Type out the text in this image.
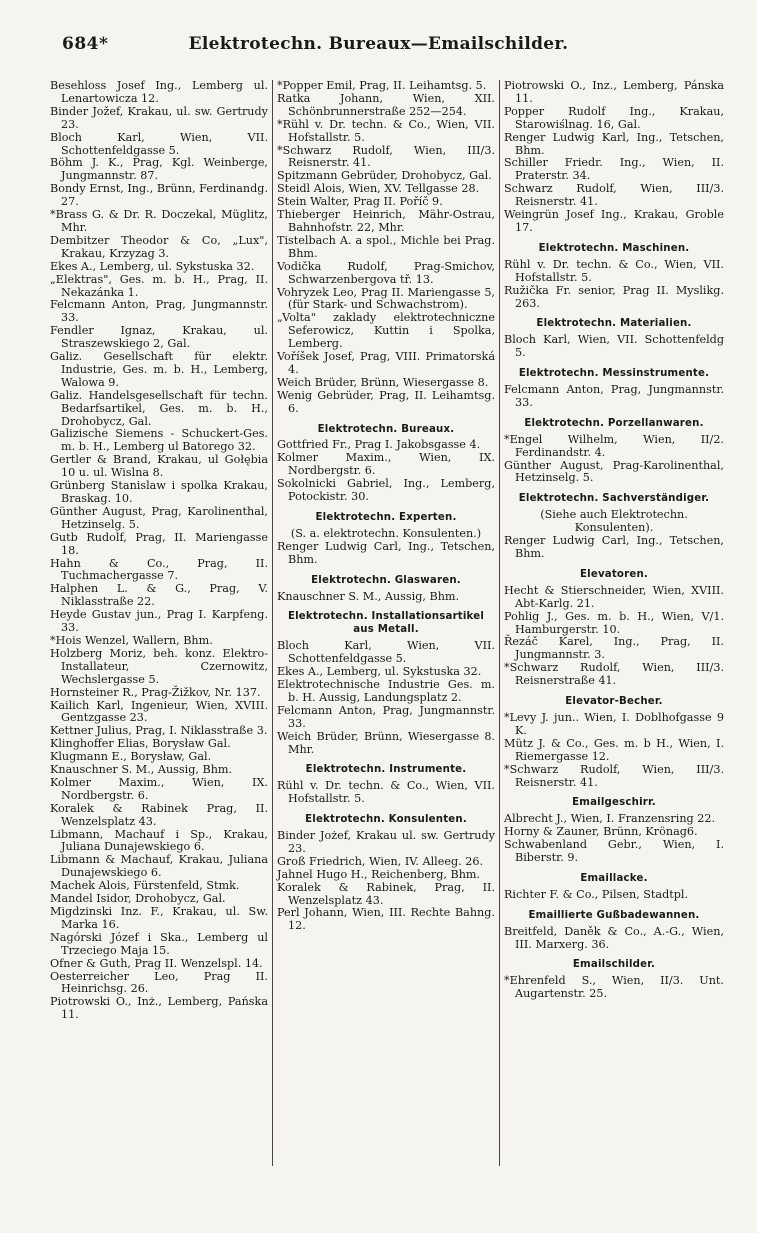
684*	Elektrotechn. Bureaux—Emailschilder.
Besehloss Josef Ing., Lemberg ul. Lenartowicza 12.
Binder Jožef, Krakau, ul. sw. Gertrudy 23.
Bloch Karl, Wien, VII. Schottenfeldgasse 5.
Böhm J. K., Prag, Kgl. Weinberge, Jungmannstr. 87.
Bondy Ernst, Ing., Brünn, Ferdinandg. 27.
*Brass G. & Dr. R. Doczekal, Müglitz, Mhr.
Dembitzer Theodor & Co, „Lux", Krakau, Krzyzag 3.
Ekes A., Lemberg, ul. Sykstuska 32.
„Elektras", Ges. m. b. H., Prag, II. Nekazánka 1.
Felcmann Anton, Prag, Jungmannstr. 33.
Fendler Ignaz, Krakau, ul. Straszewskiego 2, Gal.
Galiz. Gesellschaft für elektr. Industrie, Ges. m. b. H., Lemberg, Walowa 9.
Galiz. Handelsgesellschaft für techn. Bedarfsartikel, Ges. m. b. H., Drohobycz, Gal.
Galizische Siemens - Schuckert-Ges. m. b. H., Lemberg ul Batorego 32.
Gertler & Brand, Krakau, ul Gołębia 10 u. ul. Wislna 8.
Grünberg Stanislaw i spolka Krakau, Braskag. 10.
Günther August, Prag, Karolinenthal, Hetzinselg. 5.
Gutb Rudolf, Prag, II. Mariengasse 18.
Hahn & Co., Prag, II. Tuchmachergasse 7.
Halphen L. & G., Prag, V. Niklasstraße 22.
Heyde Gustav jun., Prag I. Karpfeng. 33.
*Hois Wenzel, Wallern, Bhm.
Holzberg Moriz, beh. konz. Elektro-Installateur, Czernowitz, Wechslergasse 5.
Hornsteiner R., Prag-Žižkov, Nr. 137.
Kailich Karl, Ingenieur, Wien, XVIII. Gentzgasse 23.
Kettner Julius, Prag, I. Niklasstraße 3.
Klinghoffer Elias, Borysław Gal.
Klugmann E., Borysław, Gal.
Knauschner S. M., Aussig, Bhm.
Kolmer Maxim., Wien, IX. Nordbergstr. 6.
Koralek & Rabinek Prag, II. Wenzelsplatz 43.
Libmann, Machauf i Sp., Krakau, Juliana Dunajewskiego 6.
Libmann & Machauf, Krakau, Juliana Dunajewskiego 6.
Machek Alois, Fürstenfeld, Stmk.
Mandel Isidor, Drohobycz, Gal.
Migdzinski Inz. F., Krakau, ul. Sw. Marka 16.
Nagórski Józef i Ska., Lemberg ul Trzeciego Maja 15.
Ofner & Guth, Prag II. Wenzelspl. 14.
Oesterreicher Leo, Prag II. Heinrichsg. 26.
Piotrowski O., Inż., Lemberg, Pańska 11.
*Popper Emil, Prag, II. Leihamtsg. 5.
Ratka Johann, Wien, XII. Schönbrunnerstraße 252—254.
*Rühl v. Dr. techn. & Co., Wien, VII. Hofstallstr. 5.
*Schwarz Rudolf, Wien, III/3. Reisnerstr. 41.
Spitzmann Gebrüder, Drohobycz, Gal.
Steidl Alois, Wien, XV. Tellgasse 28.
Stein Walter, Prag II. Poříč 9.
Thieberger Heinrich, Mähr-Ostrau, Bahnhofstr. 22, Mhr.
Tistelbach A. a spol., Michle bei Prag. Bhm.
Vodička Rudolf, Prag-Smichov, Schwarzenbergova tř. 13.
Vohryzek Leo, Prag II. Mariengasse 5, (für Stark- und Schwachstrom).
„Volta" zaklady elektrotechniczne Seferowicz, Kuttin i Spolka, Lemberg.
Voříšek Josef, Prag, VIII. Primatorská 4.
Weich Brüder, Brünn, Wiesergasse 8.
Wenig Gebrüder, Prag, II. Leihamtsg. 6.
Elektrotechn. Bureaux.
Gottfried Fr., Prag I. Jakobsgasse 4.
Kolmer Maxim., Wien, IX. Nordbergstr. 6.
Sokolnicki Gabriel, Ing., Lemberg, Potockistr. 30.
Elektrotechn. Experten.
(S. a. elektrotechn. Konsulenten.)
Renger Ludwig Carl, Ing., Tetschen, Bhm.
Elektrotechn. Glaswaren.
Knauschner S. M., Aussig, Bhm.
Elektrotechn. Installationsartikel aus Metall.
Bloch Karl, Wien, VII. Schottenfeldgasse 5.
Ekes A., Lemberg, ul. Sykstuska 32.
Elektrotechnische Industrie Ges. m. b. H. Aussig, Landungsplatz 2.
Felcmann Anton, Prag, Jungmannstr. 33.
Weich Brüder, Brünn, Wiesergasse 8. Mhr.
Elektrotechn. Instrumente.
Rühl v. Dr. techn. & Co., Wien, VII. Hofstallstr. 5.
Elektrotechn. Konsulenten.
Binder Jożef, Krakau ul. sw. Gertrudy 23.
Groß Friedrich, Wien, IV. Alleeg. 26.
Jahnel Hugo H., Reichenberg, Bhm.
Koralek & Rabinek, Prag, II. Wenzelsplatz 43.
Perl Johann, Wien, III. Rechte Bahng. 12.
Piotrowski O., Inz., Lemberg, Pánska 11.
Popper Rudolf Ing., Krakau, Starowiślnag. 16, Gal.
Renger Ludwig Karl, Ing., Tetschen, Bhm.
Schiller Friedr. Ing., Wien, II. Praterstr. 34.
Schwarz Rudolf, Wien, III/3. Reisnerstr. 41.
Weingrün Josef Ing., Krakau, Groble 17.
Elektrotechn. Maschinen.
Rühl v. Dr. techn. & Co., Wien, VII. Hofstallstr. 5.
Ružička Fr. senior, Prag II. Myslikg. 263.
Elektrotechn. Materialien.
Bloch Karl, Wien, VII. Schottenfeldg 5.
Elektrotechn. Messinstrumente.
Felcmann Anton, Prag, Jungmannstr. 33.
Elektrotechn. Porzellanwaren.
*Engel Wilhelm, Wien, II/2. Ferdinandstr. 4.
Günther August, Prag-Karolinenthal, Hetzinselg. 5.
Elektrotechn. Sachverständiger.
(Siehe auch Elektrotechn. Konsulenten).
Renger Ludwig Carl, Ing., Tetschen, Bhm.
Elevatoren.
Hecht & Stierschneider, Wien, XVIII. Abt-Karlg. 21.
Pohlig J., Ges. m. b. H., Wien, V/1. Hamburgerstr. 10.
Řezáč Karel, Ing., Prag, II. Jungmannstr. 3.
*Schwarz Rudolf, Wien, III/3. Reisnerstraße 41.
Elevator-Becher.
*Levy J. jun.. Wien, I. Doblhofgasse 9 K.
Mütz J. & Co., Ges. m. b H., Wien, I. Riemergasse 12.
*Schwarz Rudolf, Wien, III/3. Reisnerstr. 41.
Emailgeschirr.
Albrecht J., Wien, I. Franzensring 22.
Horny & Zauner, Brünn, Krönag6.
Schwabenland Gebr., Wien, I. Biberstr. 9.
Emaillacke.
Richter F. & Co., Pilsen, Stadtpl.
Emaillierte Gußbadewannen.
Breitfeld, Daněk & Co., A.-G., Wien, III. Marxerg. 36.
Emailschilder.
*Ehrenfeld S., Wien, II/3. Unt. Augartenstr. 25.
